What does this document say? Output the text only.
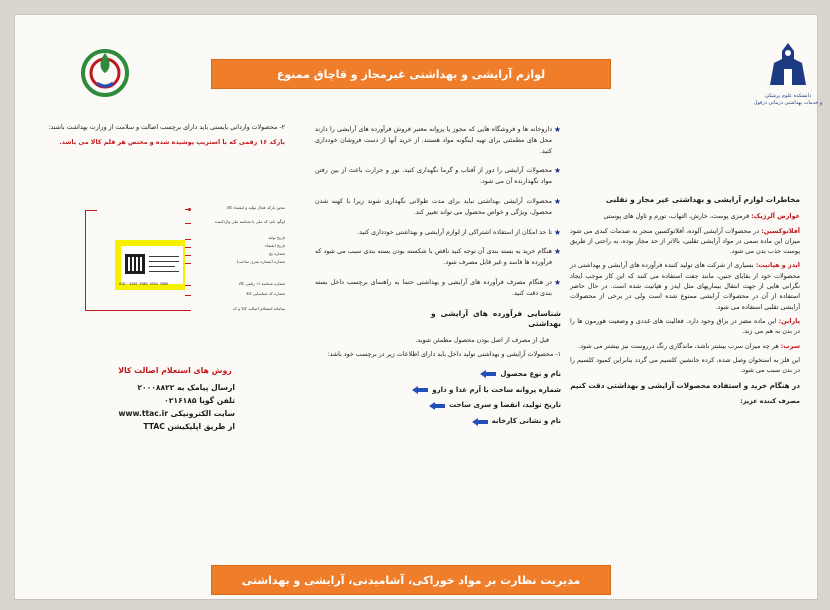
دانشکده علوم پزشکی
و خدمات بهداشتی درمانی دزفول
لوازم آرایشی و بهداشتی غیرمجاز و قاچاق ممنوع
مخاطرات لوازم آرایشی و بهداشتی غیر مجاز و تقلبی
عوارض آلرژیک: قرمزی پوست، خارش، التهاب، تورم و تاول های پوستی
آفلاتوکسین: در محصولات آرایشی آلوده، آفلاتوکسین منجر به صدمات کبدی می شود میزان این ماده سمی در مواد آرایشی تقلبی، بالاتر از حد مجاز بوده، به راحتی از طریق پوست جذب بدن می شود.
ایدز و هپاتیت: بسیاری از شرکت های تولید کننده فرآورده های آرایشی و بهداشتی در محصولات خود از بقایای جنین، مانند جفت استفاده می کنند که این کار موجب ایجاد نگرانی هایی از جهت انتقال بیماریهای مثل ایدز و هپاتیت شده است. در حال حاضر استفاده از آن در محصولات آرایشی ممنوع شده است ولی در برخی از محصولات آرایشی تقلبی استفاده می شود.
پارابن: این ماده مضر در بزاق وجود دارد. فعالیت های غددی و وضعیت هورمون ها را در بدن به هم می زند.
سرب: هر چه میزان سرب بیشتر باشد، ماندگاری رنگ درروست نیز بیشتر می شود.
این فلز به استخوان وصل شده، کرده جانشین کلسیم می گردد بنابراین کمبود کلسیم را در بدن سبب می شود.
در هنگام خرید و استفاده محصولات آرایشی و بهداشتی دقت کنیم
مصرف کننده عزیز:
★
داروخانه ها و فروشگاه هایی که مجوز یا پروانه معتبر فروش فرآورده های آرایشی را دارند محل های مطمئنی برای تهیه اینگونه مواد هستند. از خرید آنها از دست فروشان خودداری کنید.
★
محصولات آرایشی را دور از آفتاب و گرما نگهداری کنید. نور و حرارت باعث از بین رفتن مواد نگهدارنده آن می شود.
★
محصولات آرایشی بهداشتی نباید برای مدت طولانی نگهداری شوند زیرا با کهنه شدن محصول، ویژگی و خواص محصول می تواند تغییر کند.
★
تا حد امکان از استفاده اشتراکی از لوازم آرایشی و بهداشتی خودداری کنید.
★
هنگام خرید به بسته بندی آن توجه کنید ناقص یا شکسته بودن بسته بندی سبب می شود که فرآورده ها فاسد و غیر قابل مصرف شود.
★
در هنگام مصرف فرآورده های آرایشی و بهداشتی حتما به راهنمای برچسب داخل بسته بندی دقت کنید.
شناسایی فرآورده های آرایشی و بهداشتی
قبل از مصرف از اصل بودن محصول مطمئن شوید.
۱- محصولات آرایشی و بهداشتی تولید داخل باید دارای اطلاعات زیر در برچسب خود باشد:
نام و نوع محصول
شماره پروانه ساخت با آرم غذا و دارو
تاریخ تولید، انقضا و سری ساخت
نام و نشانی کارخانه
۲- محصولات وارداتی بایستی باید دارای برچسب اصالت و سلامت از وزارت بهداشت باشند:
بارکد ۱۶ رقمی که با استریپ پوشیده شده و مختص هر قلم کالا می باشد.
UID: 5266 5989 4954 5986
مجوز بارکد فعال تولید و انقضاء کالا
لوگو، نام، کد ملی یا شناسه ملی واردکننده
تاریخ تولید
تاریخ انقضاء
شماره بچ
شماره (شماره سری ساخت)
شماره شناسه ۱۶ رقمی کالا
شماره کد شناسایی کالا
سامانه استعلام اصالت کالا و کد
روش های استعلام اصالت کالا
ارسال پیامک به ۲۰۰۰۸۸۲۲
تلفن گویا ۰۲۱۶۱۸۵
سایت الکترونیکی www.ttac.ir
از طریق اپلیکیشن TTAC
مدیریت نظارت بر مواد خوراکی، آشامیدنی، آرایشی و بهداشتی
